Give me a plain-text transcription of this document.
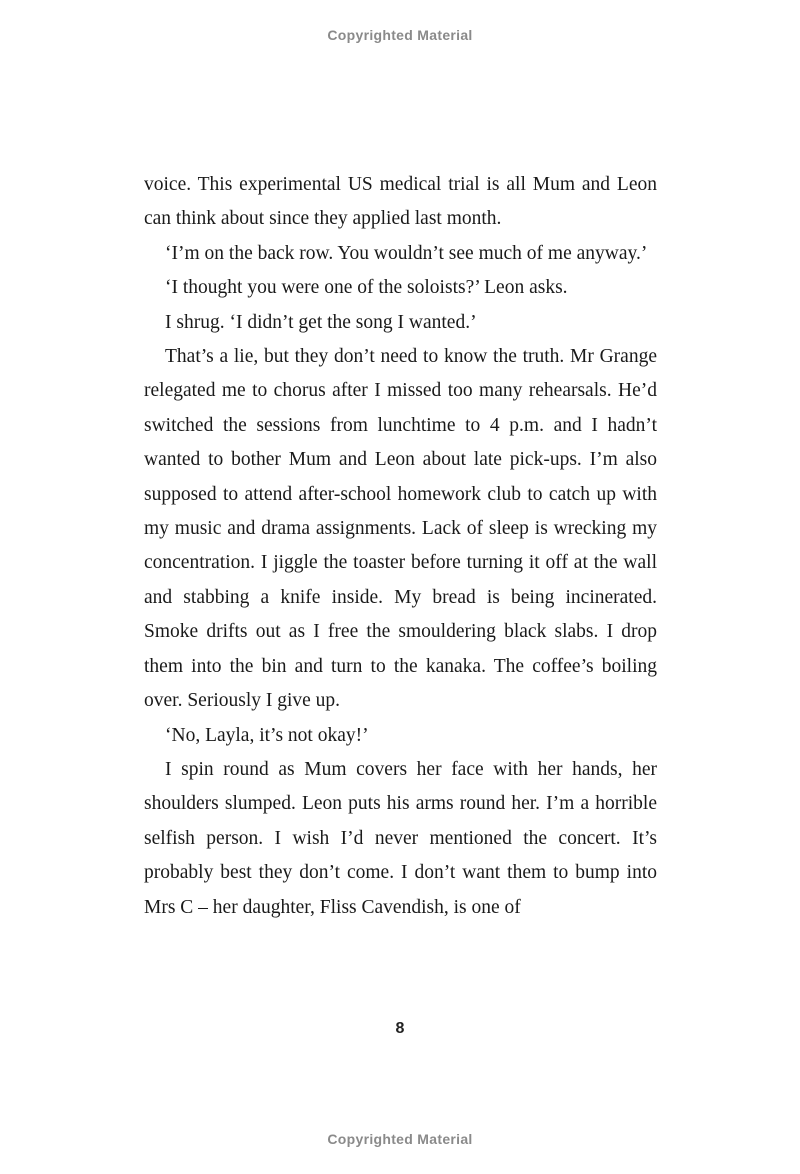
Copyrighted Material

voice. This experimental US medical trial is all Mum and Leon can think about since they applied last month.

‘I’m on the back row. You wouldn’t see much of me anyway.’

‘I thought you were one of the soloists?’ Leon asks.

I shrug. ‘I didn’t get the song I wanted.’

That’s a lie, but they don’t need to know the truth. Mr Grange relegated me to chorus after I missed too many rehearsals. He’d switched the sessions from lunchtime to 4 p.m. and I hadn’t wanted to bother Mum and Leon about late pick-ups. I’m also supposed to attend after-school homework club to catch up with my music and drama assignments. Lack of sleep is wrecking my concentration. I jiggle the toaster before turning it off at the wall and stabbing a knife inside. My bread is being incinerated. Smoke drifts out as I free the smouldering black slabs. I drop them into the bin and turn to the kanaka. The coffee’s boiling over. Seriously I give up.

‘No, Layla, it’s not okay!’

I spin round as Mum covers her face with her hands, her shoulders slumped. Leon puts his arms round her. I’m a horrible selfish person. I wish I’d never mentioned the concert. It’s probably best they don’t come. I don’t want them to bump into Mrs C – her daughter, Fliss Cavendish, is one of

8
Copyrighted Material
